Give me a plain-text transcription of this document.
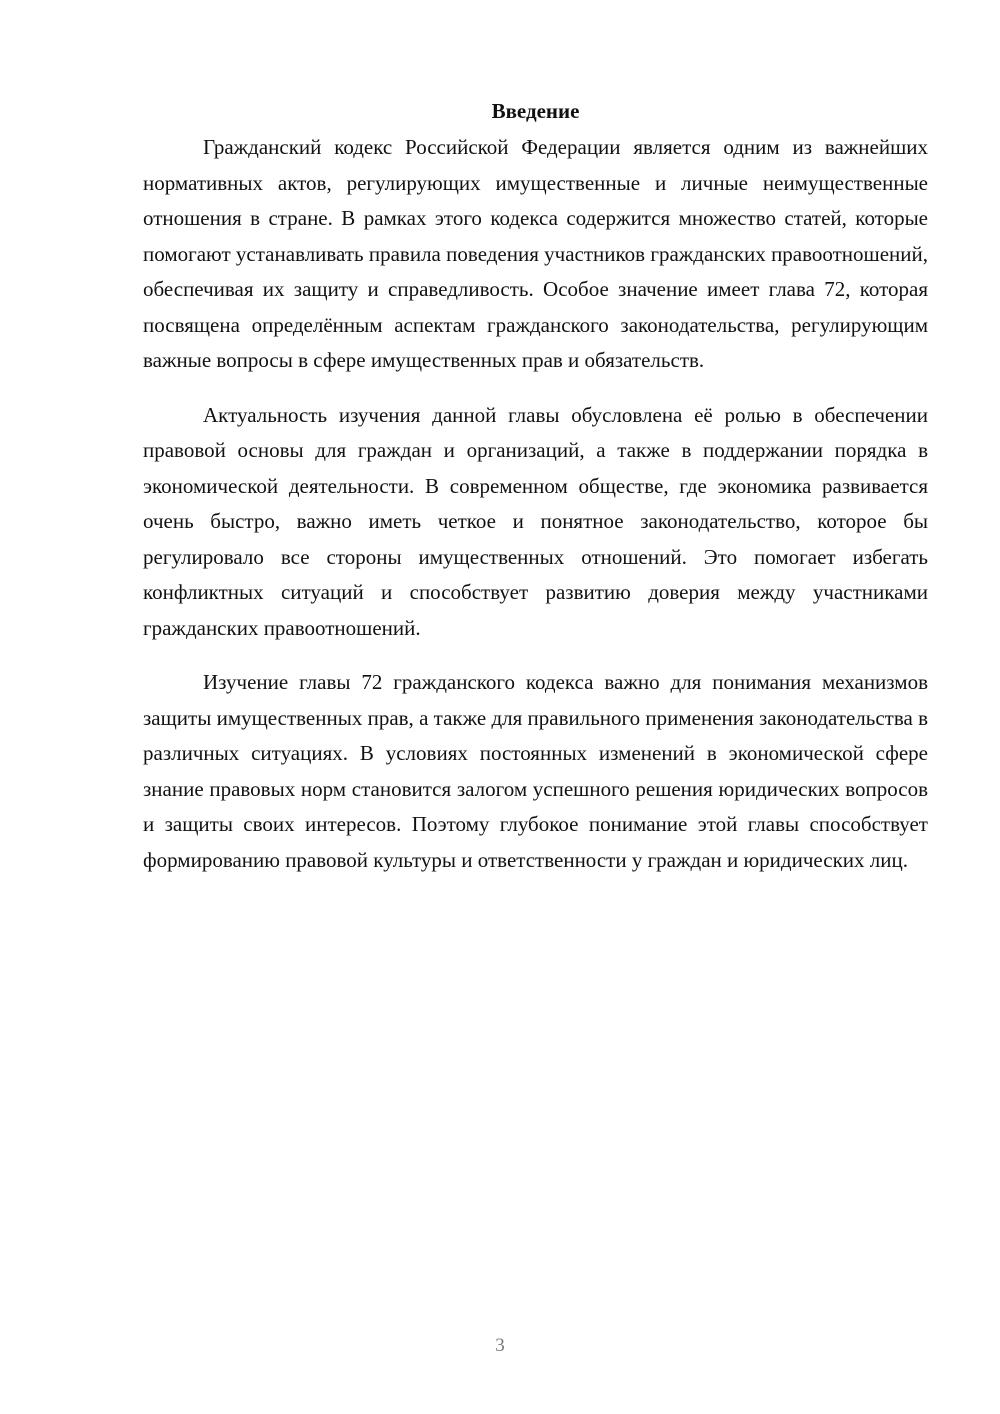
Введение

Гражданский кодекс Российской Федерации является одним из важнейших нормативных актов, регулирующих имущественные и личные неимущественные отношения в стране. В рамках этого кодекса содержится множество статей, которые помогают устанавливать правила поведения участников гражданских правоотношений, обеспечивая их защиту и справедливость. Особое значение имеет глава 72, которая посвящена определённым аспектам гражданского законодательства, регулирующим важные вопросы в сфере имущественных прав и обязательств.

Актуальность изучения данной главы обусловлена её ролью в обеспечении правовой основы для граждан и организаций, а также в поддержании порядка в экономической деятельности. В современном обществе, где экономика развивается очень быстро, важно иметь четкое и понятное законодательство, которое бы регулировало все стороны имущественных отношений. Это помогает избегать конфликтных ситуаций и способствует развитию доверия между участниками гражданских правоотношений.

Изучение главы 72 гражданского кодекса важно для понимания механизмов защиты имущественных прав, а также для правильного применения законодательства в различных ситуациях. В условиях постоянных изменений в экономической сфере знание правовых норм становится залогом успешного решения юридических вопросов и защиты своих интересов. Поэтому глубокое понимание этой главы способствует формированию правовой культуры и ответственности у граждан и юридических лиц.

3
